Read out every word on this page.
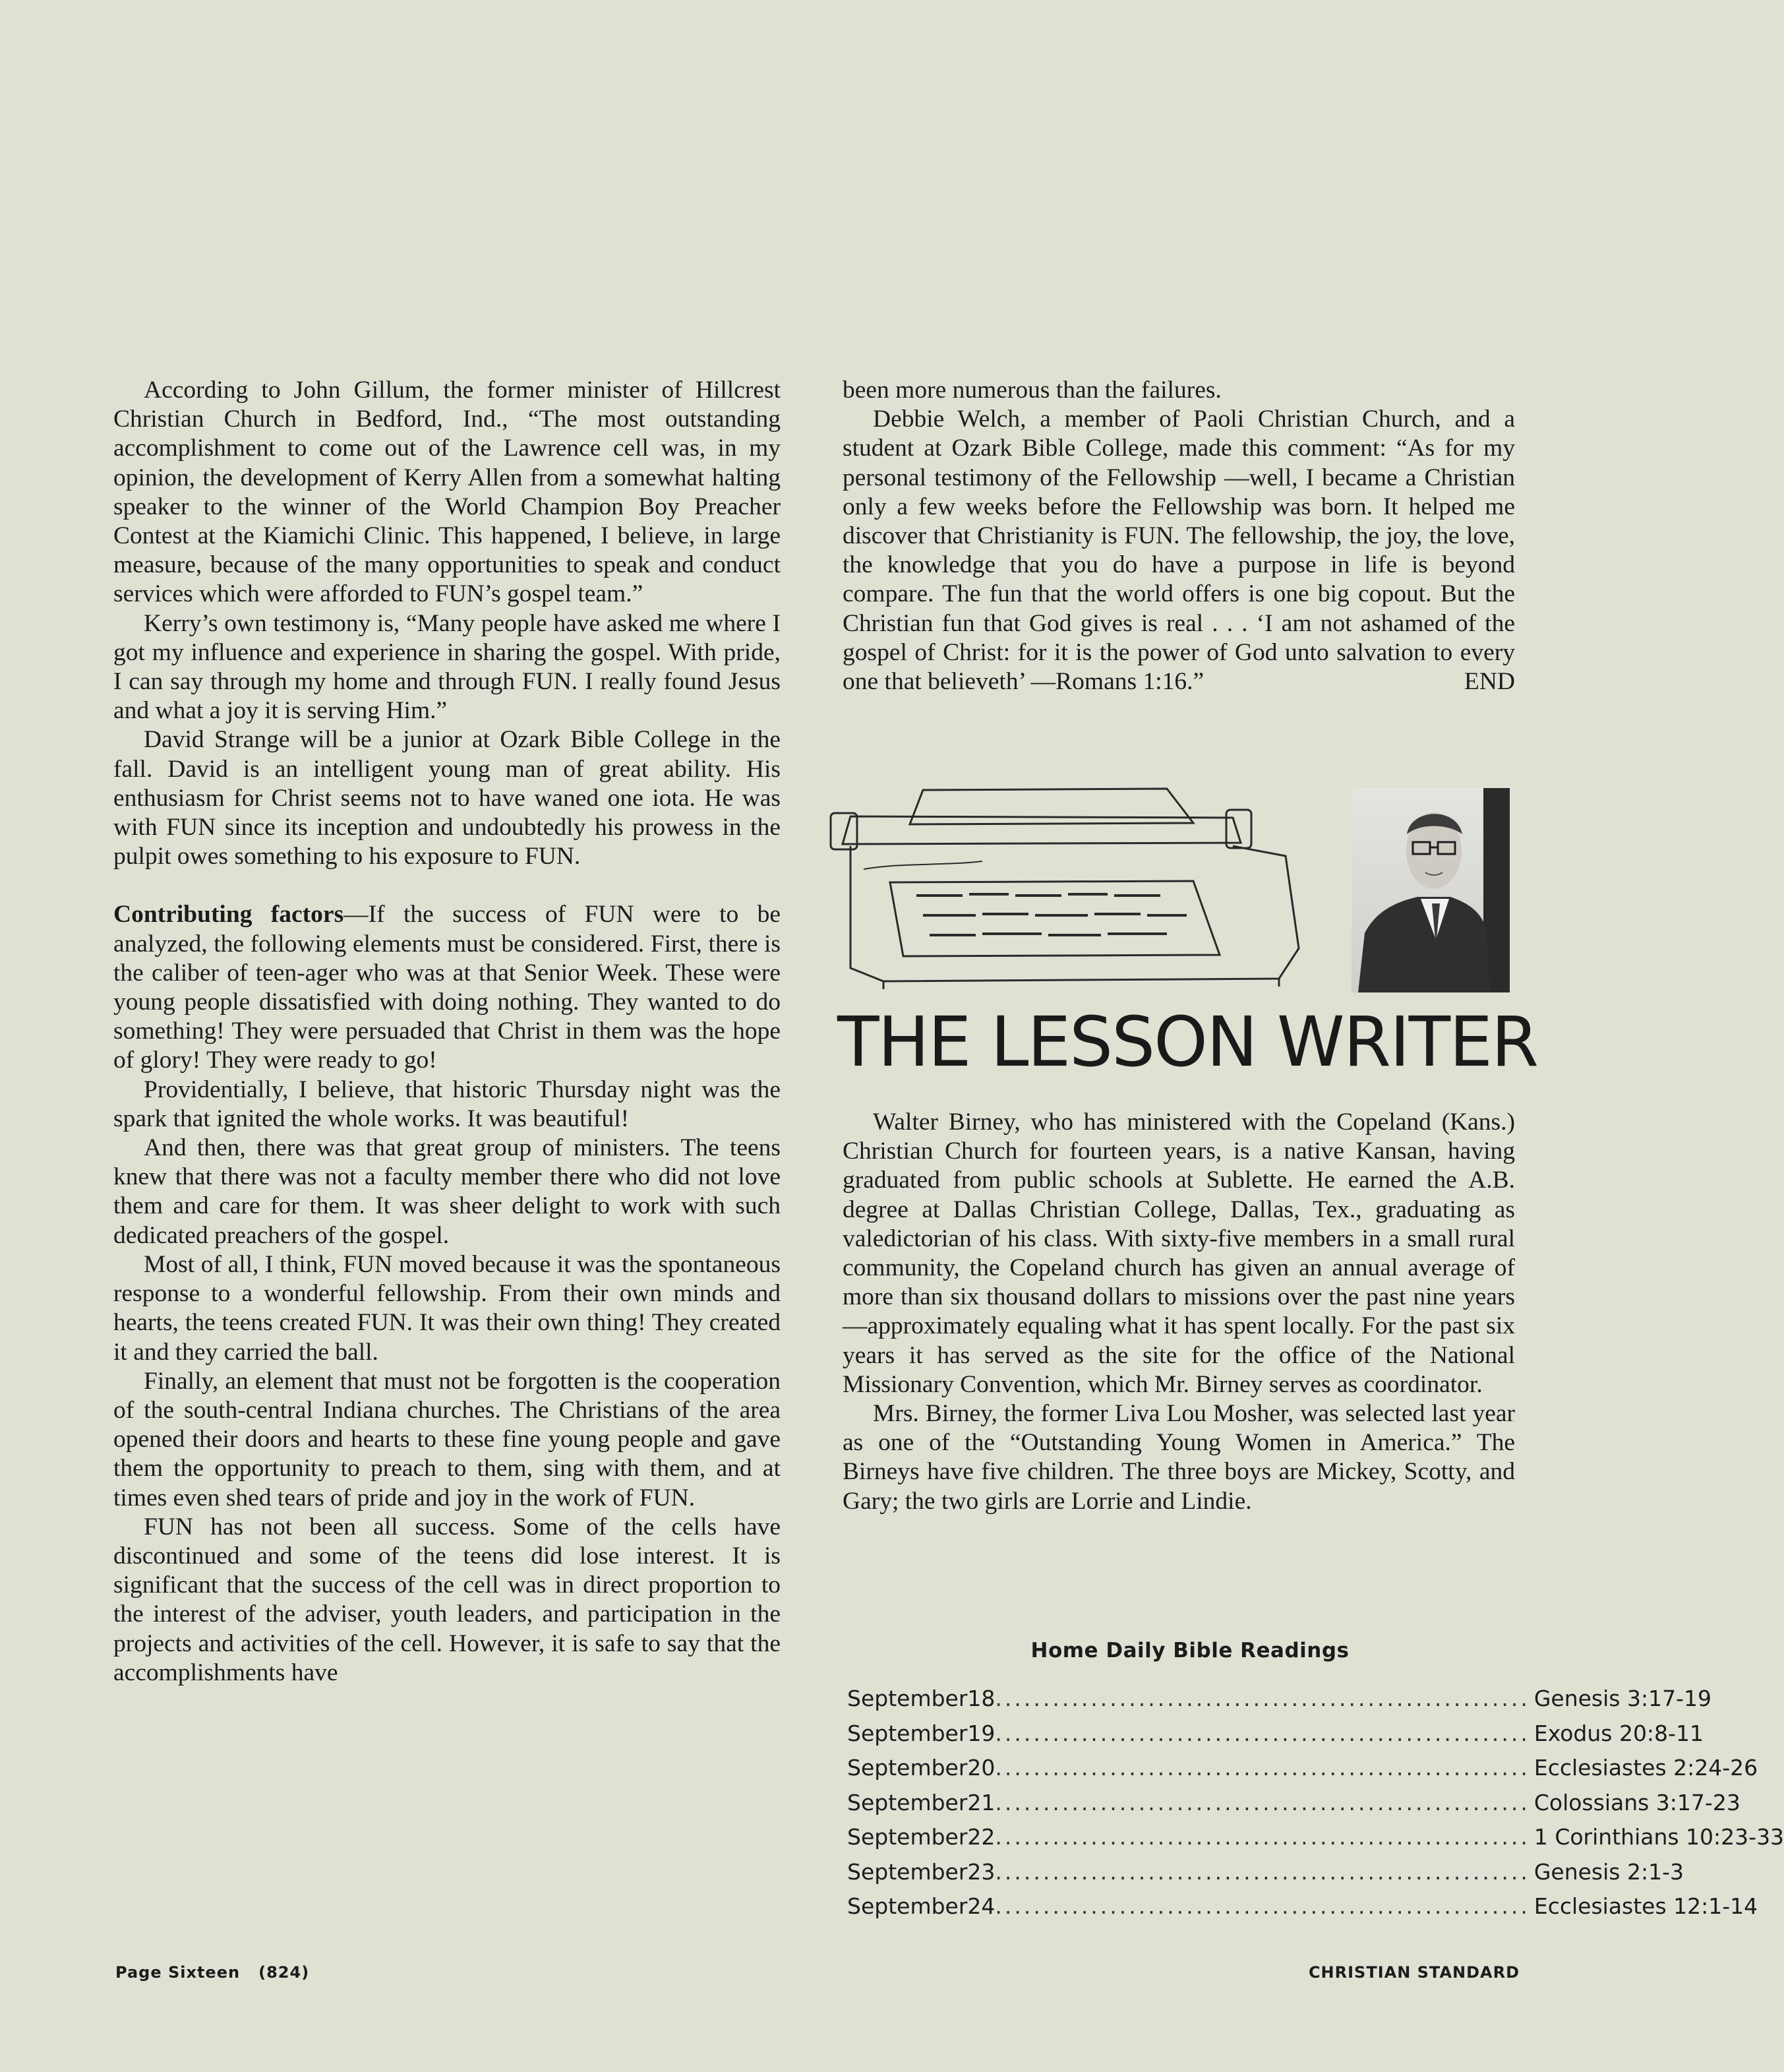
According to John Gillum, the former minister of Hillcrest Christian Church in Bedford, Ind., “The most outstanding accomplishment to come out of the Lawrence cell was, in my opinion, the development of Kerry Allen from a somewhat halting speaker to the winner of the World Champion Boy Preacher Contest at the Kiamichi Clinic. This happened, I believe, in large measure, because of the many opportunities to speak and conduct services which were afforded to FUN’s gospel team.”

Kerry’s own testimony is, “Many people have asked me where I got my influence and experience in sharing the gospel. With pride, I can say through my home and through FUN. I really found Jesus and what a joy it is serving Him.”

David Strange will be a junior at Ozark Bible College in the fall. David is an intelligent young man of great ability. His enthusiasm for Christ seems not to have waned one iota. He was with FUN since its inception and undoubtedly his prowess in the pulpit owes something to his exposure to FUN.

Contributing factors—If the success of FUN were to be analyzed, the following elements must be considered. First, there is the caliber of teen-ager who was at that Senior Week. These were young people dissatisfied with doing nothing. They wanted to do something! They were persuaded that Christ in them was the hope of glory! They were ready to go!

Providentially, I believe, that historic Thursday night was the spark that ignited the whole works. It was beautiful!

And then, there was that great group of ministers. The teens knew that there was not a faculty member there who did not love them and care for them. It was sheer delight to work with such dedicated preachers of the gospel.

Most of all, I think, FUN moved because it was the spontaneous response to a wonderful fellowship. From their own minds and hearts, the teens created FUN. It was their own thing! They created it and they carried the ball.

Finally, an element that must not be forgotten is the cooperation of the south-central Indiana churches. The Christians of the area opened their doors and hearts to these fine young people and gave them the opportunity to preach to them, sing with them, and at times even shed tears of pride and joy in the work of FUN.

FUN has not been all success. Some of the cells have discontinued and some of the teens did lose interest. It is significant that the success of the cell was in direct proportion to the interest of the adviser, youth leaders, and participation in the projects and activities of the cell. However, it is safe to say that the accomplishments have

been more numerous than the failures.

Debbie Welch, a member of Paoli Christian Church, and a student at Ozark Bible College, made this comment: “As for my personal testimony of the Fellowship —well, I became a Christian only a few weeks before the Fellowship was born. It helped me discover that Christianity is FUN. The fellowship, the joy, the love, the knowledge that you do have a purpose in life is beyond compare. The fun that the world offers is one big copout. But the Christian fun that God gives is real . . . ‘I am not ashamed of the gospel of Christ: for it is the power of God unto salvation to every one that believeth’ —Romans 1:16.”	END

THE LESSON WRITER

Walter Birney, who has ministered with the Copeland (Kans.) Christian Church for fourteen years, is a native Kansan, having graduated from public schools at Sublette. He earned the A.B. degree at Dallas Christian College, Dallas, Tex., graduating as valedictorian of his class. With sixty-five members in a small rural community, the Copeland church has given an annual average of more than six thousand dollars to missions over the past nine years—approximately equaling what it has spent locally. For the past six years it has served as the site for the office of the National Missionary Convention, which Mr. Birney serves as coordinator.

Mrs. Birney, the former Liva Lou Mosher, was selected last year as one of the “Outstanding Young Women in America.” The Birneys have five children. The three boys are Mickey, Scotty, and Gary; the two girls are Lorrie and Lindie.

Home Daily Bible Readings
September 18 ........................................................ Genesis 3:17-19
September 19 ........................................................ Exodus 20:8-11
September 20 ........................................................ Ecclesiastes 2:24-26
September 21 ........................................................ Colossians 3:17-23
September 22 ........................................................ 1 Corinthians 10:23-33
September 23 ........................................................ Genesis 2:1-3
September 24 ........................................................ Ecclesiastes 12:1-14
Page Sixteen   (824)	CHRISTIAN STANDARD
